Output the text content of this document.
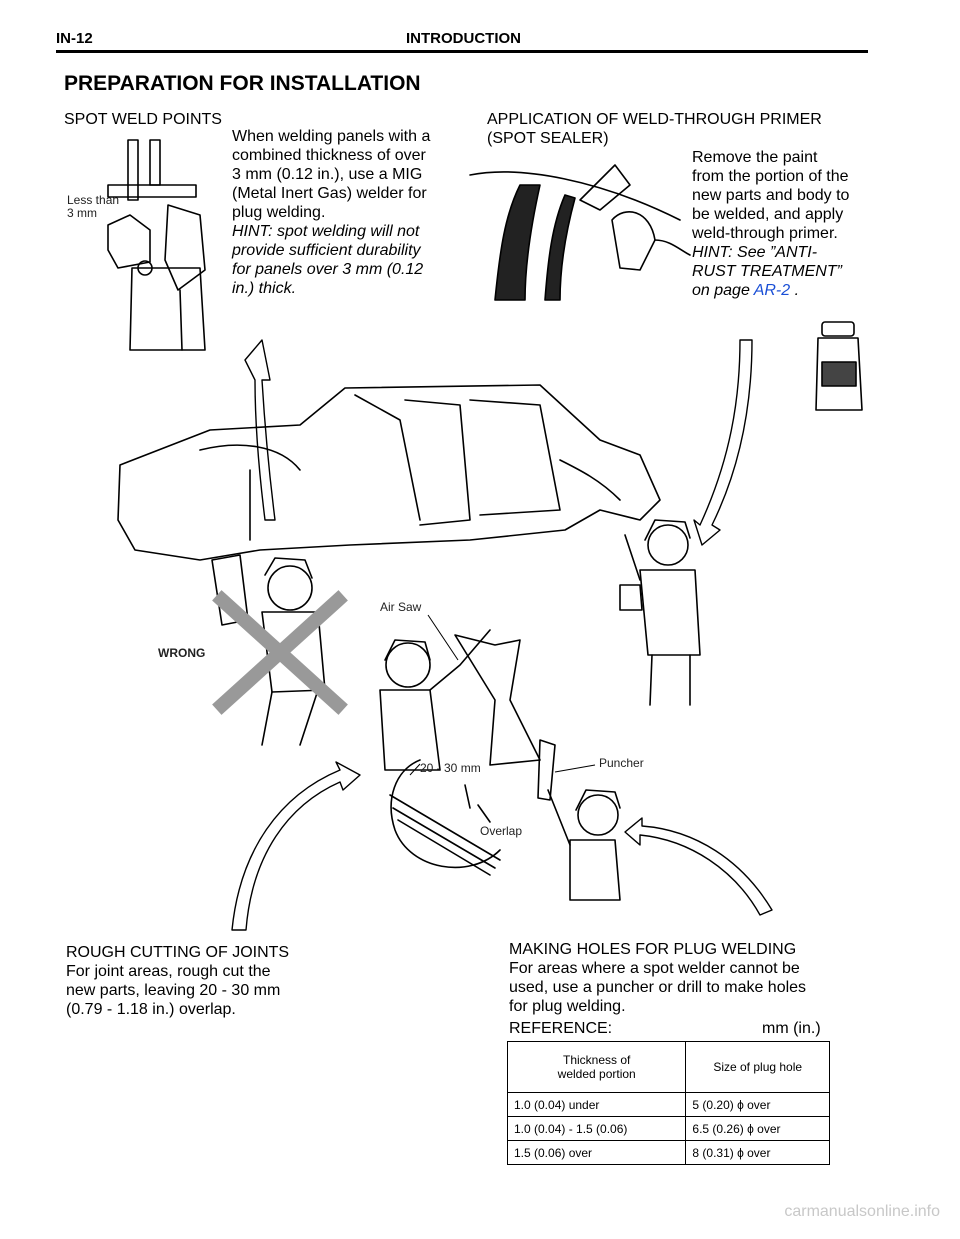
IN-12	INTRODUCTION
PREPARATION FOR INSTALLATION
SPOT WELD POINTS
When welding panels with a
combined thickness of over
3 mm (0.12 in.), use a MIG
(Metal Inert Gas) welder for
plug welding.
HINT: spot welding will not
provide sufficient durability
for panels over 3 mm (0.12
in.) thick.
Less than
3 mm
APPLICATION OF WELD-THROUGH PRIMER
(SPOT SEALER)
Remove the paint
from the portion of the
new parts and body to
be welded, and apply
weld-through primer.
HINT: See ”ANTI-
RUST TREATMENT”
on page AR-2 .
Air Saw
WRONG
Puncher
20 - 30 mm
Overlap
ROUGH CUTTING OF JOINTS
For joint areas, rough cut the
new parts, leaving 20 - 30 mm
(0.79 - 1.18 in.) overlap.
MAKING HOLES FOR PLUG WELDING
For areas where a spot welder cannot be
used, use a puncher or drill to make holes
for plug welding.
REFERENCE:	mm (in.)
Thickness of
welded portion	Size of plug hole
1.0 (0.04) under	5 (0.20) ϕ over
1.0 (0.04) - 1.5 (0.06)	6.5 (0.26) ϕ over
1.5 (0.06) over	8 (0.31) ϕ over
carmanualsonline.info
